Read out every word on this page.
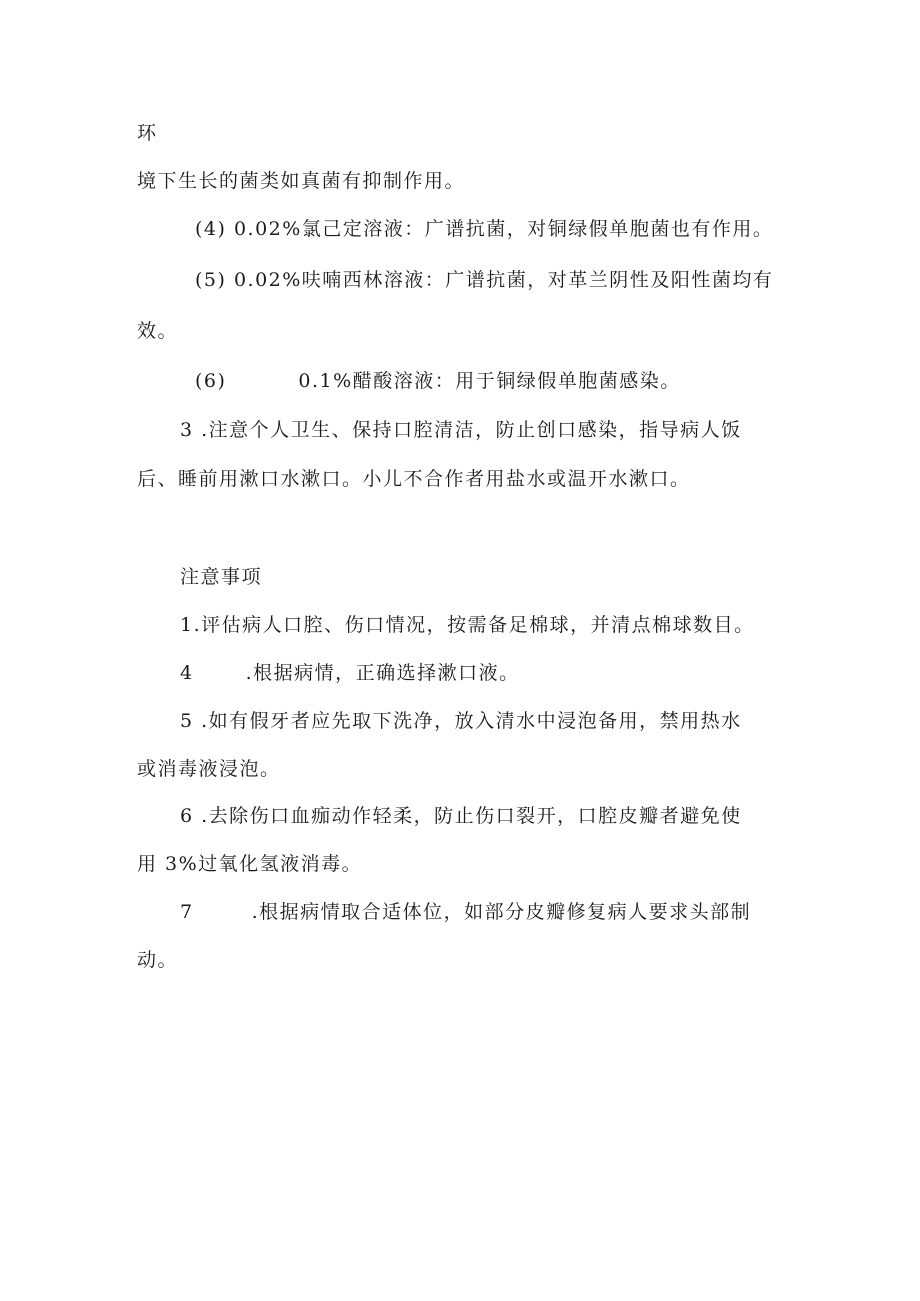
环
境下生长的菌类如真菌有抑制作用。
(4) 0.02%氯己定溶液：广谱抗菌，对铜绿假单胞菌也有作用。
(5) 0.02%呋喃西林溶液：广谱抗菌，对革兰阴性及阳性菌均有
效。
(6)	0.1%醋酸溶液：用于铜绿假单胞菌感染。
3 .注意个人卫生、保持口腔清洁，防止创口感染，指导病人饭
后、睡前用漱口水漱口。小儿不合作者用盐水或温开水漱口。
注意事项
1.评估病人口腔、伤口情况，按需备足棉球，并清点棉球数目。
4	.根据病情，正确选择漱口液。
5 .如有假牙者应先取下洗净，放入清水中浸泡备用，禁用热水
或消毒液浸泡。
6 .去除伤口血痂动作轻柔，防止伤口裂开，口腔皮瓣者避免使
用 3%过氧化氢液消毒。
7	.根据病情取合适体位，如部分皮瓣修复病人要求头部制
动。
